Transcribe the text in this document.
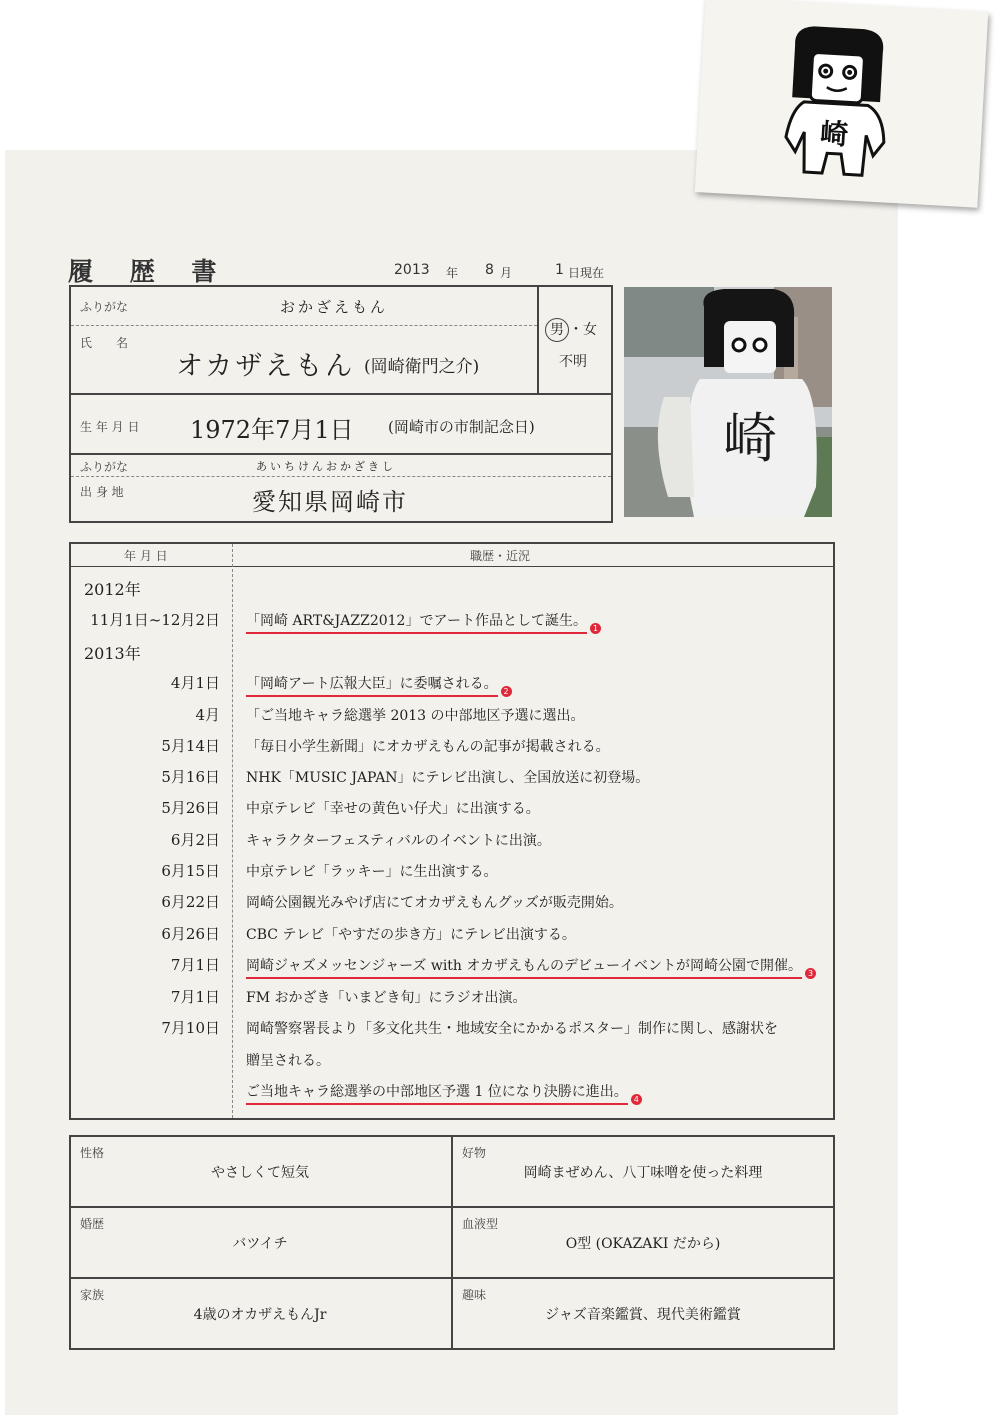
崎
履 歴 書	2013 年 8 月	1 日現在
ふりがな	おかざえもん
氏　　名
オカザえもん (岡崎衛門之介)
男 ・女
不明
生 年 月 日 1972年7月1日 (岡崎市の市制記念日)
ふりがな	あいちけんおかざきし
出 身 地	愛知県岡崎市
崎
年 月 日	職歴・近況
2012年
11月1日~12月2日 「岡崎 ART&JAZZ2012」でアート作品として誕生。 1
2013年
4月1日 「岡崎アート広報大臣」に委嘱される。 2
4月 「ご当地キャラ総選挙 2013 の中部地区予選に選出。
5月14日 「毎日小学生新聞」にオカザえもんの記事が掲載される。
5月16日 NHK「MUSIC JAPAN」にテレビ出演し、全国放送に初登場。
5月26日 中京テレビ「幸せの黄色い仔犬」に出演する。
6月2日 キャラクターフェスティバルのイベントに出演。
6月15日 中京テレビ「ラッキー」に生出演する。
6月22日 岡崎公園観光みやげ店にてオカザえもんグッズが販売開始。
6月26日 CBC テレビ「やすだの歩き方」にテレビ出演する。
7月1日 岡崎ジャズメッセンジャーズ with オカザえもんのデビューイベントが岡崎公園で開催。 3
7月1日 FM おかざき「いまどき旬」にラジオ出演。
7月10日 岡崎警察署長より「多文化共生・地域安全にかかるポスター」制作に関し、感謝状を
贈呈される。
ご当地キャラ総選挙の中部地区予選 1 位になり決勝に進出。 4
性格
やさしくて短気
好物
岡崎まぜめん、八丁味噌を使った料理
婚歴
バツイチ
血液型
O型 (OKAZAKI だから)
家族
4歳のオカザえもんJr
趣味
ジャズ音楽鑑賞、現代美術鑑賞
